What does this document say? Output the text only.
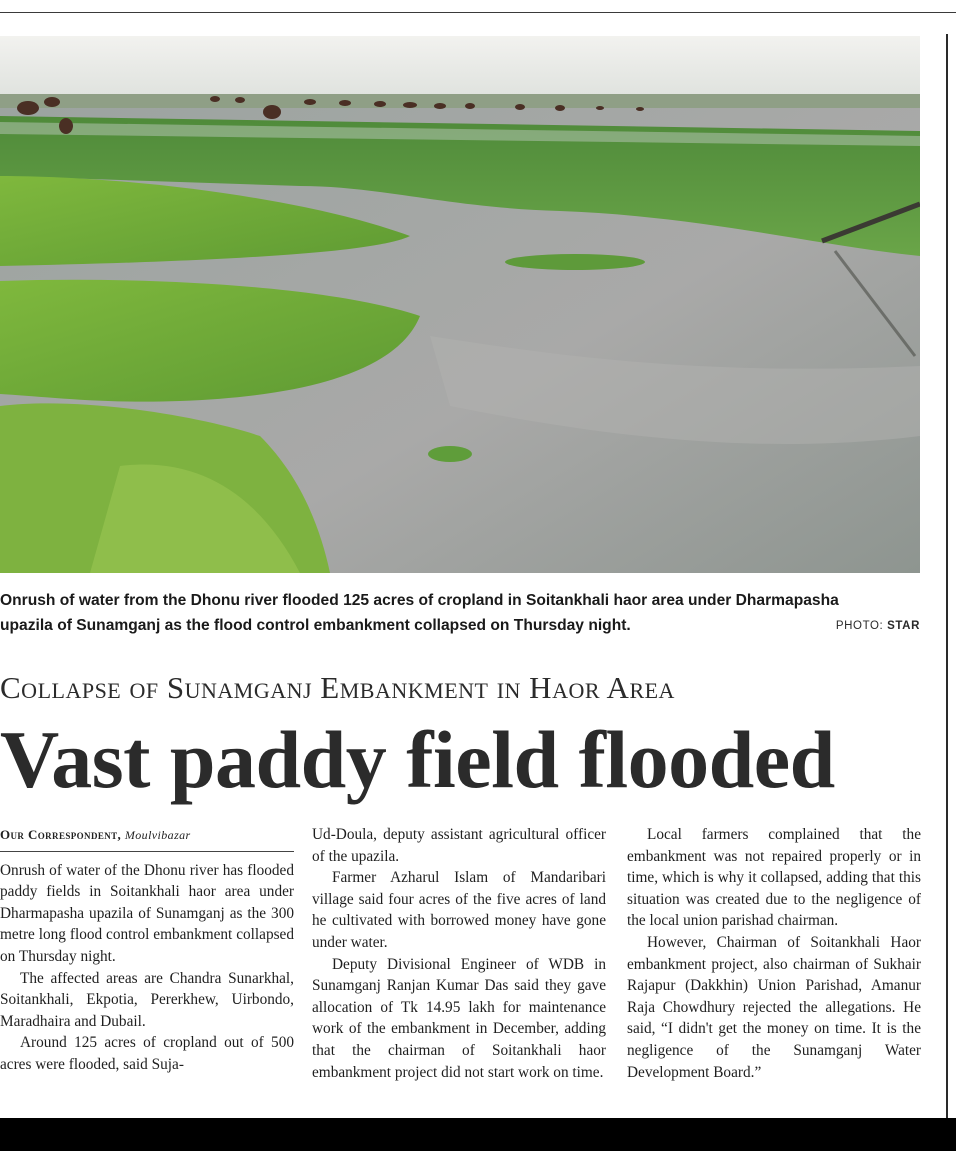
Onrush of water from the Dhonu river flooded 125 acres of cropland in Soitankhali haor area under Dharmapasha
upazila of Sunamganj as the flood control embankment collapsed on Thursday night.	PHOTO: STAR
Collapse of Sunamganj Embankment in Haor Area
Vast paddy field flooded
Our Correspondent, Moulvibazar

Onrush of water of the Dhonu river has flooded paddy fields in Soitankhali haor area under Dharmapasha upazila of Sunamganj as the 300 metre long flood control embankment collapsed on Thursday night.

The affected areas are Chandra Sunarkhal, Soitankhali, Ekpotia, Pererkhew, Uirbondo, Maradhaira and Dubail.

Around 125 acres of cropland out of 500 acres were flooded, said Suja-

Ud-Doula, deputy assistant agricultural officer of the upazila.

Farmer Azharul Islam of Mandaribari village said four acres of the five acres of land he cultivated with borrowed money have gone under water.

Deputy Divisional Engineer of WDB in Sunamganj Ranjan Kumar Das said they gave allocation of Tk 14.95 lakh for maintenance work of the embankment in December, adding that the chairman of Soitankhali haor embankment project did not start work on time.

Local farmers complained that the embankment was not repaired properly or in time, which is why it collapsed, adding that this situation was created due to the negligence of the local union parishad chairman.

However, Chairman of Soitankhali Haor embankment project, also chairman of Sukhair Rajapur (Dakkhin) Union Parishad, Amanur Raja Chowdhury rejected the allegations. He said, “I didn't get the money on time. It is the negligence of the Sunamganj Water Development Board.”
